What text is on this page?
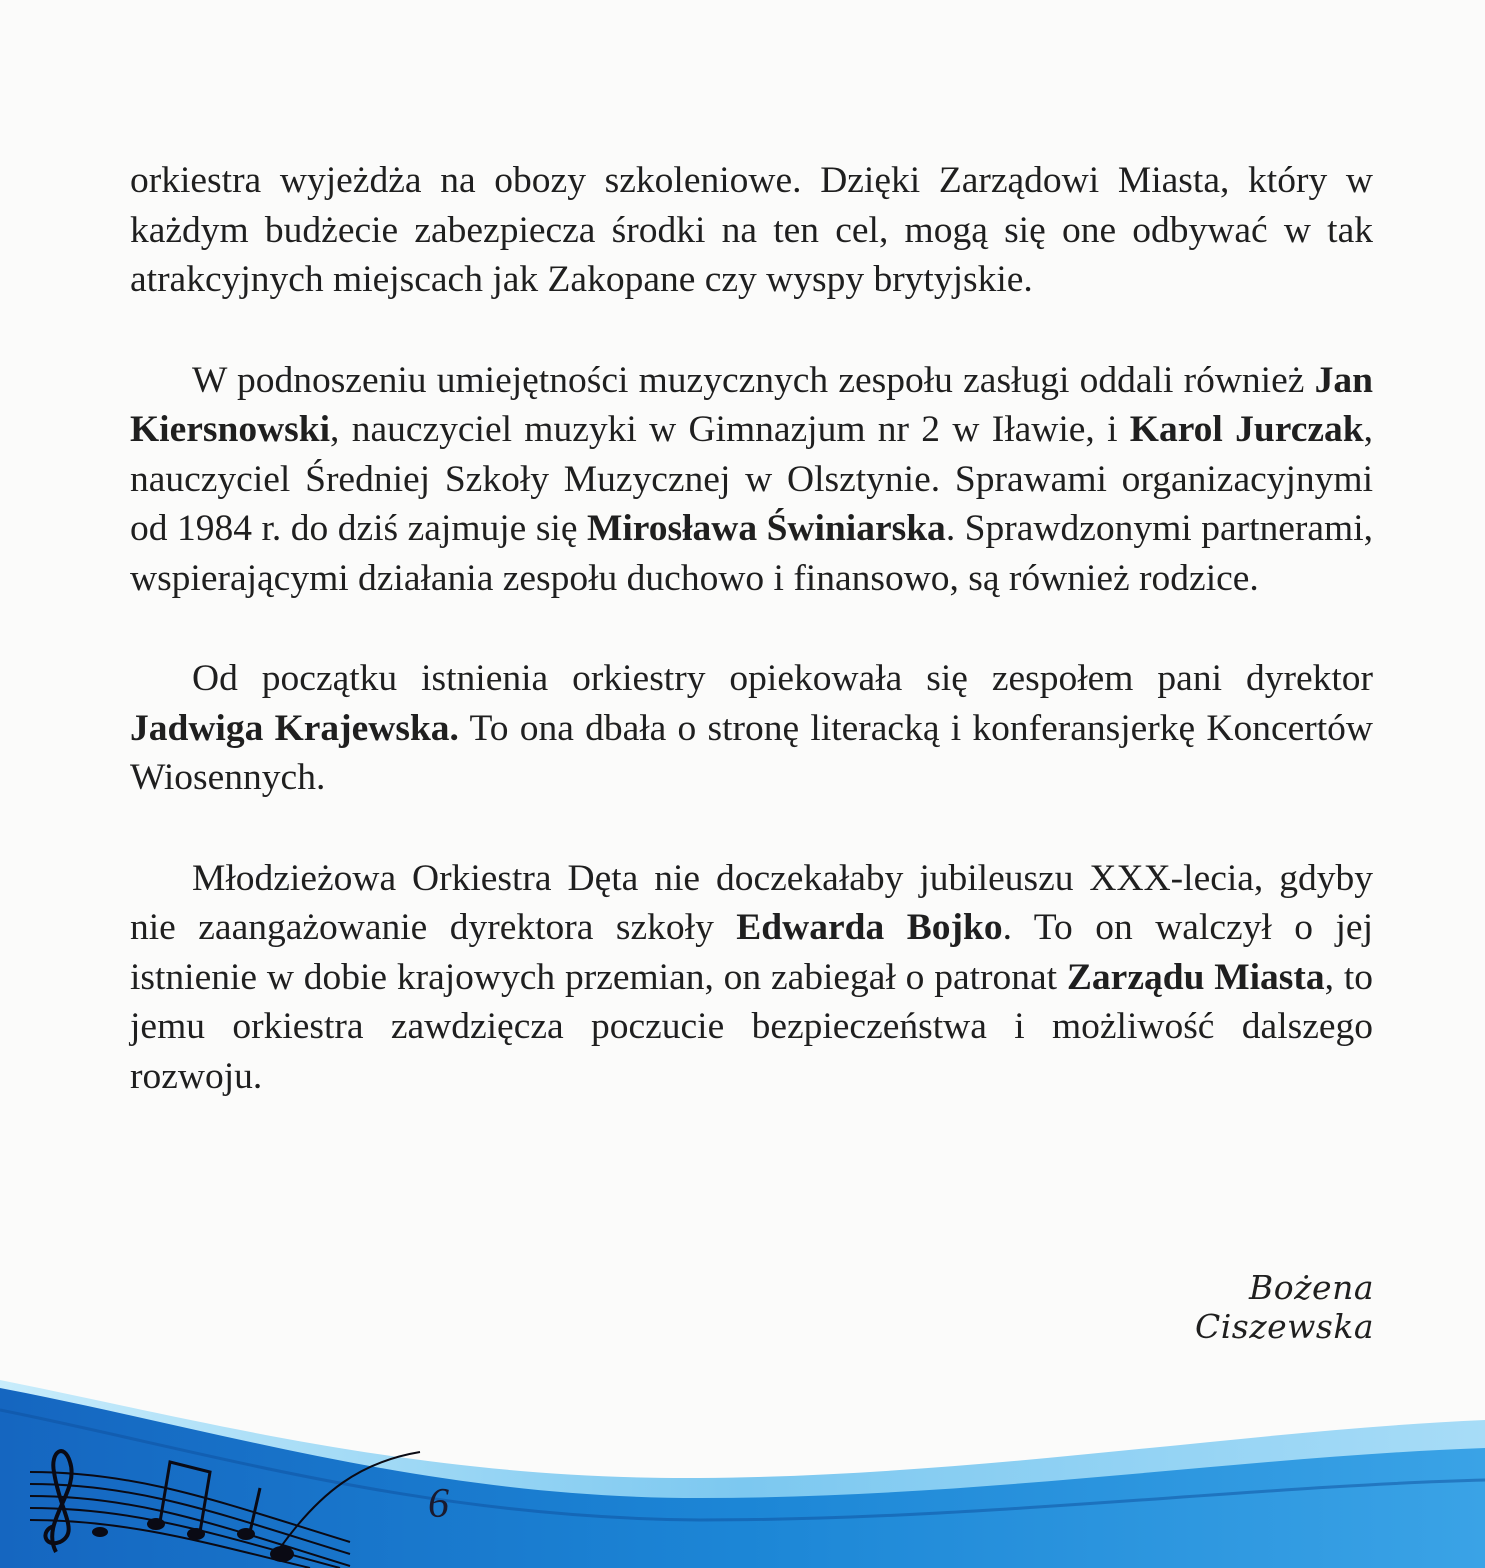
orkiestra wyjeżdża na obozy szkoleniowe. Dzięki Zarządowi Miasta, który w każdym budżecie zabezpiecza środki na ten cel, mogą się one odbywać w tak atrakcyjnych miejscach jak Zakopane czy wyspy brytyjskie.

W podnoszeniu umiejętności muzycznych zespołu zasługi oddali również Jan Kiersnowski, nauczyciel muzyki w Gimnazjum nr 2 w Iławie, i Karol Jurczak, nauczyciel Średniej Szkoły Muzycznej w Olsztynie. Sprawami organizacyjnymi od 1984 r. do dziś zajmuje się Mirosława Świniarska. Sprawdzonymi partnerami, wspierającymi działania zespołu duchowo i finansowo, są również rodzice.

Od początku istnienia orkiestry opiekowała się zespołem pani dyrektor Jadwiga Krajewska. To ona dbała o stronę literacką i konferansjerkę Koncertów Wiosennych.

Młodzieżowa Orkiestra Dęta nie doczekałaby jubileuszu XXX-lecia, gdyby nie zaangażowanie dyrektora szkoły Edwarda Bojko. To on walczył o jej istnienie w dobie krajowych przemian, on zabiegał o patronat Zarządu Miasta, to jemu orkiestra zawdzięcza poczucie bezpieczeństwa i możliwość dalszego rozwoju.

Bożena Ciszewska
6
